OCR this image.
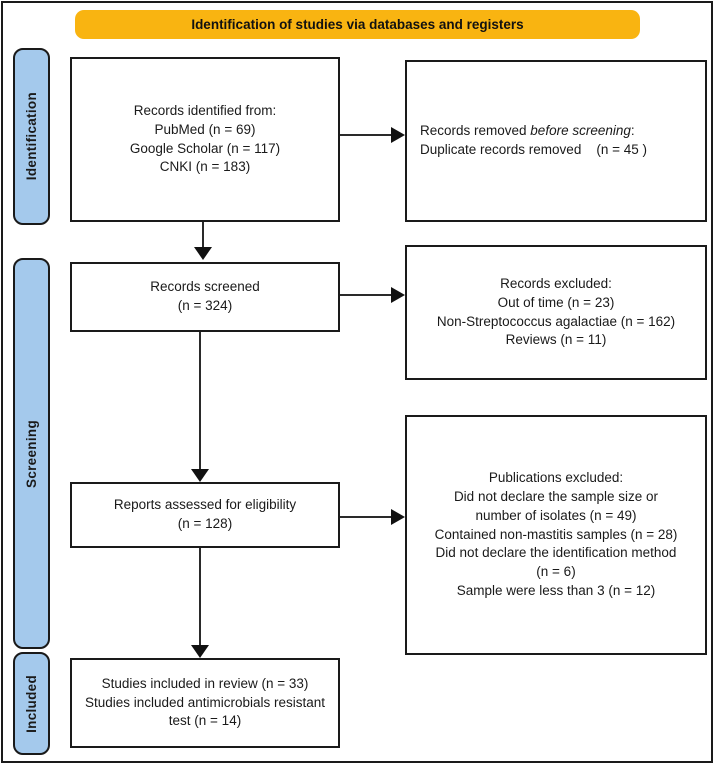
Identification of studies via databases and registers
Identification
Screening
Included
Records identified from:
PubMed (n = 69)
Google Scholar (n = 117)
CNKI (n = 183)
Records screened
(n = 324)
Reports assessed for eligibility
(n = 128)
Studies included in review (n = 33)
Studies included antimicrobials resistant test (n = 14)
Records removed before screening:
Duplicate records removed    (n = 45 )
Records excluded:
Out of time (n = 23)
Non-Streptococcus agalactiae (n = 162)
Reviews (n = 11)
Publications excluded:
Did not declare the sample size or number of isolates (n = 49)
Contained non-mastitis samples (n = 28)
Did not declare the identification method (n = 6)
Sample were less than 3 (n = 12)
